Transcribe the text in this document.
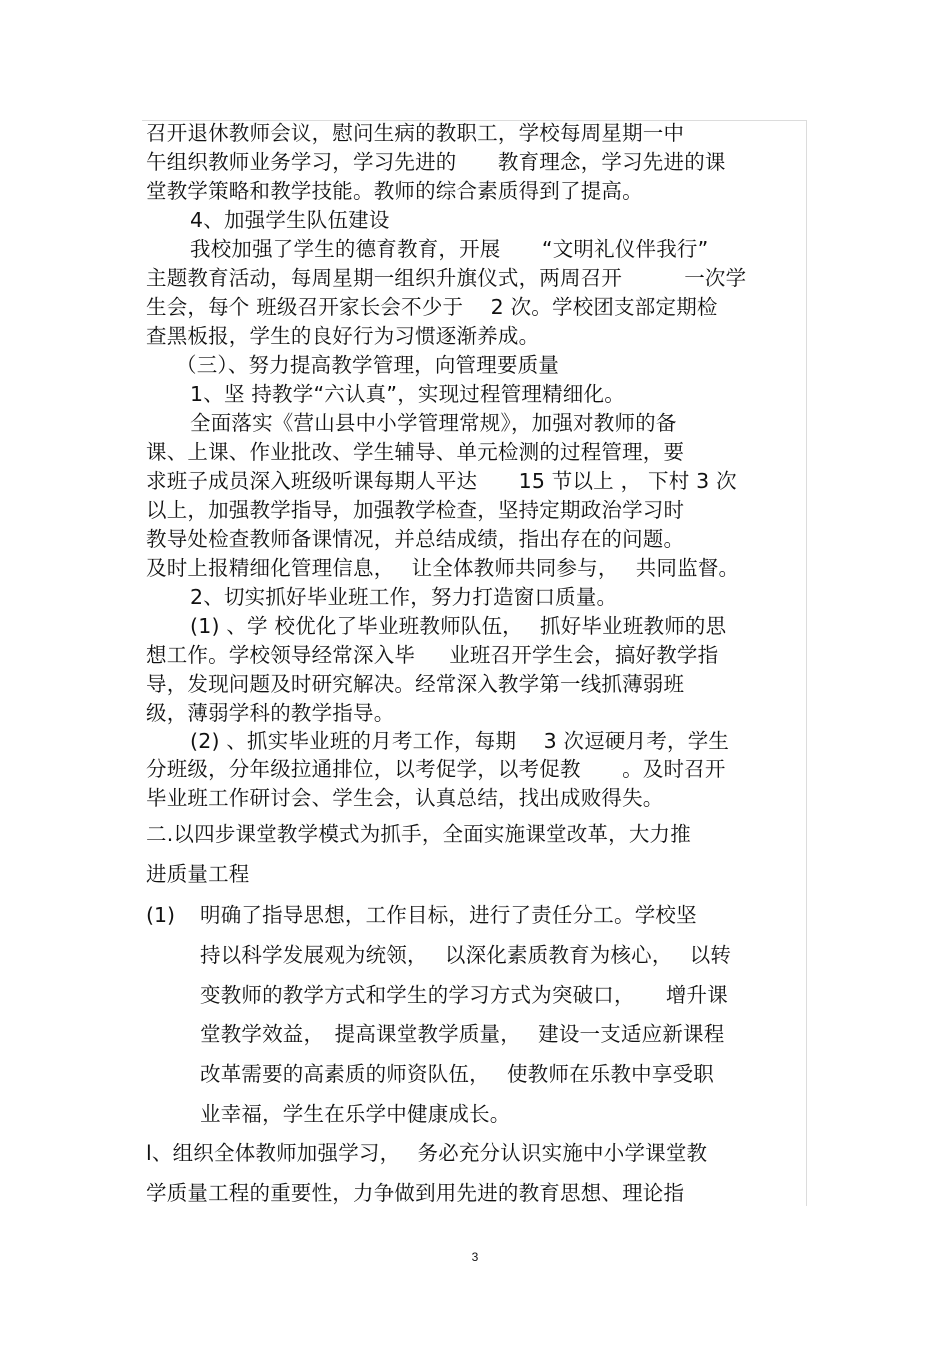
召开退休教师会议，慰问生病的教职工，学校每周星期一中
午组织教师业务学习，学习先进的　　教育理念，学习先进的课
堂教学策略和教学技能。教师的综合素质得到了提高。
4、加强学生队伍建设
我校加强了学生的德育教育，开展　　“文明礼仪伴我行”
主题教育活动，每周星期一组织升旗仪式，两周召开　　　一次学
生会，每个 班级召开家长会不少于　 2 次。学校团支部定期检
查黑板报，学生的良好行为习惯逐渐养成。
（三）、努力提高教学管理，向管理要质量
1、坚 持教学“六认真”，实现过程管理精细化。
全面落实《营山县中小学管理常规》，加强对教师的备
课、上课、作业批改、学生辅导、单元检测的过程管理，要
求班子成员深入班级听课每期人平达　　15 节以上 ， 下村 3 次
以上，加强教学指导，加强教学检查，坚持定期政治学习时
教导处检查教师备课情况，并总结成绩，指出存在的问题。
及时上报精细化管理信息，　 让全体教师共同参与，　 共同监督。
2、切实抓好毕业班工作，努力打造窗口质量。
(1) 、学 校优化了毕业班教师队伍，　 抓好毕业班教师的思
想工作。学校领导经常深入毕　  业班召开学生会，搞好教学指
导，发现问题及时研究解决。经常深入教学第一线抓薄弱班
级，薄弱学科的教学指导。
(2) 、抓实毕业班的月考工作，每期　 3 次逗硬月考，学生
分班级，分年级拉通排位，以考促学，以考促教　　。及时召开
毕业班工作研讨会、学生会，认真总结，找出成败得失。
二.以四步课堂教学模式为抓手，全面实施课堂改革，大力推
进质量工程
(1) 明确了指导思想，工作目标，进行了责任分工。学校坚
持以科学发展观为统领，　 以深化素质教育为核心，　 以转
变教师的教学方式和学生的学习方式为突破口，　　增升课
堂教学效益，　提高课堂教学质量，　 建设一支适应新课程
改革需要的高素质的师资队伍，　 使教师在乐教中享受职
业幸福，学生在乐学中健康成长。
l、组织全体教师加强学习，　 务必充分认识实施中小学课堂教
学质量工程的重要性，力争做到用先进的教育思想、理论指
3
